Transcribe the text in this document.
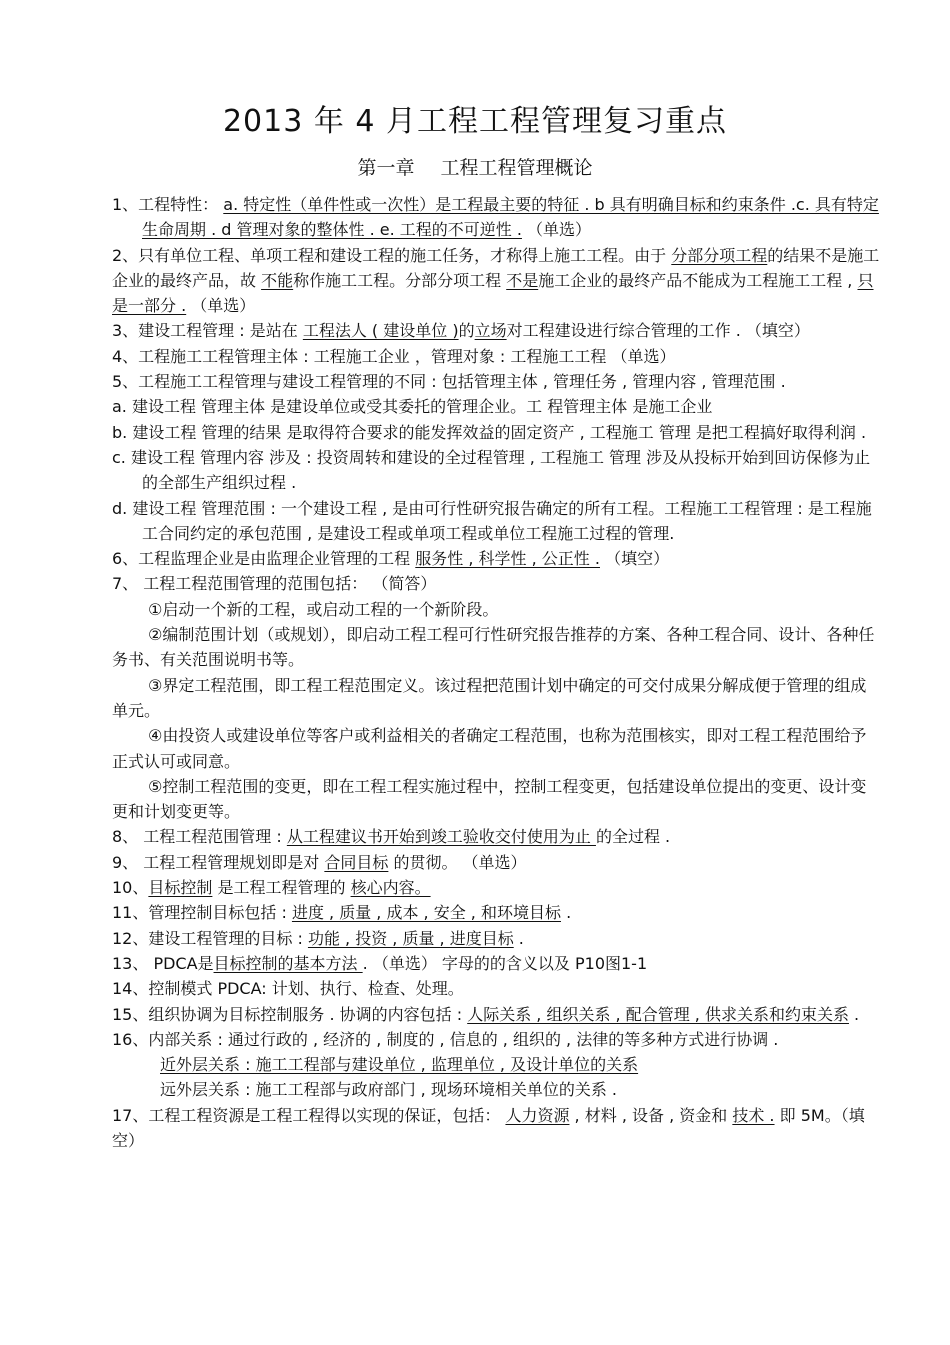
2013 年 4 月工程工程管理复习重点
第一章 工程工程管理概论

1、工程特性： a. 特定性（单件性或一次性）是工程最主要的特征 . b 具有明确目标和约束条件 .c. 具有特定生命周期 . d 管理对象的整体性 . e. 工程的不可逆性 . （单选）

2、只有单位工程、单项工程和建设工程的施工任务，才称得上施工工程。由于 分部分项工程的结果不是施工企业的最终产品，故 不能称作施工工程。分部分项工程 不是施工企业的最终产品不能成为工程施工工程 , 只是一部分 . （单选）

3、建设工程管理 : 是站在 工程法人 ( 建设单位 )的立场对工程建设进行综合管理的工作 . （填空）

4、工程施工工程管理主体 : 工程施工企业 ，管理对象 : 工程施工工程 （单选）

5、工程施工工程管理与建设工程管理的不同 : 包括管理主体 , 管理任务 , 管理内容 , 管理范围 .

a. 建设工程 管理主体 是建设单位或受其委托的管理企业。工 程管理主体 是施工企业

b. 建设工程 管理的结果 是取得符合要求的能发挥效益的固定资产 , 工程施工 管理 是把工程搞好取得利润 .

c. 建设工程 管理内容 涉及 : 投资周转和建设的全过程管理 , 工程施工 管理 涉及从投标开始到回访保修为止的全部生产组织过程 .

d. 建设工程 管理范围 : 一个建设工程 , 是由可行性研究报告确定的所有工程。工程施工工程管理 : 是工程施工合同约定的承包范围 , 是建设工程或单项工程或单位工程施工过程的管理.

6、工程监理企业是由监理企业管理的工程 服务性 , 科学性 , 公正性 . （填空）

7、 工程工程范围管理的范围包括： （简答）

①启动一个新的工程，或启动工程的一个新阶段。

②编制范围计划（或规划），即启动工程工程可行性研究报告推荐的方案、各种工程合同、设计、各种任务书、有关范围说明书等。

③界定工程范围，即工程工程范围定义。该过程把范围计划中确定的可交付成果分解成便于管理的组成单元。

④由投资人或建设单位等客户或利益相关的者确定工程范围，也称为范围核实，即对工程工程范围给予正式认可或同意。

⑤控制工程范围的变更，即在工程工程实施过程中，控制工程变更，包括建设单位提出的变更、设计变更和计划变更等。

8、 工程工程范围管理 : 从工程建议书开始到竣工验收交付使用为止 的全过程 .

9、 工程工程管理规划即是对 合同目标 的贯彻。 （单选）

10、目标控制 是工程工程管理的 核心内容。

11、管理控制目标包括 : 进度 , 质量 , 成本 , 安全 , 和环境目标 .

12、建设工程管理的目标 : 功能 , 投资 , 质量 , 进度目标 .

13、 PDCA是目标控制的基本方法 . （单选） 字母的的含义以及 P10图1-1

14、控制模式 PDCA: 计划、执行、检查、处理。

15、组织协调为目标控制服务 . 协调的内容包括 : 人际关系 , 组织关系 , 配合管理 , 供求关系和约束关系 .

16、内部关系 : 通过行政的 , 经济的 , 制度的 , 信息的 , 组织的 , 法律的等多种方式进行协调 .

近外层关系 : 施工工程部与建设单位 , 监理单位 , 及设计单位的关系

远外层关系 : 施工工程部与政府部门 , 现场环境相关单位的关系 .

17、工程工程资源是工程工程得以实现的保证，包括： 人力资源 , 材料 , 设备 , 资金和 技术 . 即 5M。（填空）
